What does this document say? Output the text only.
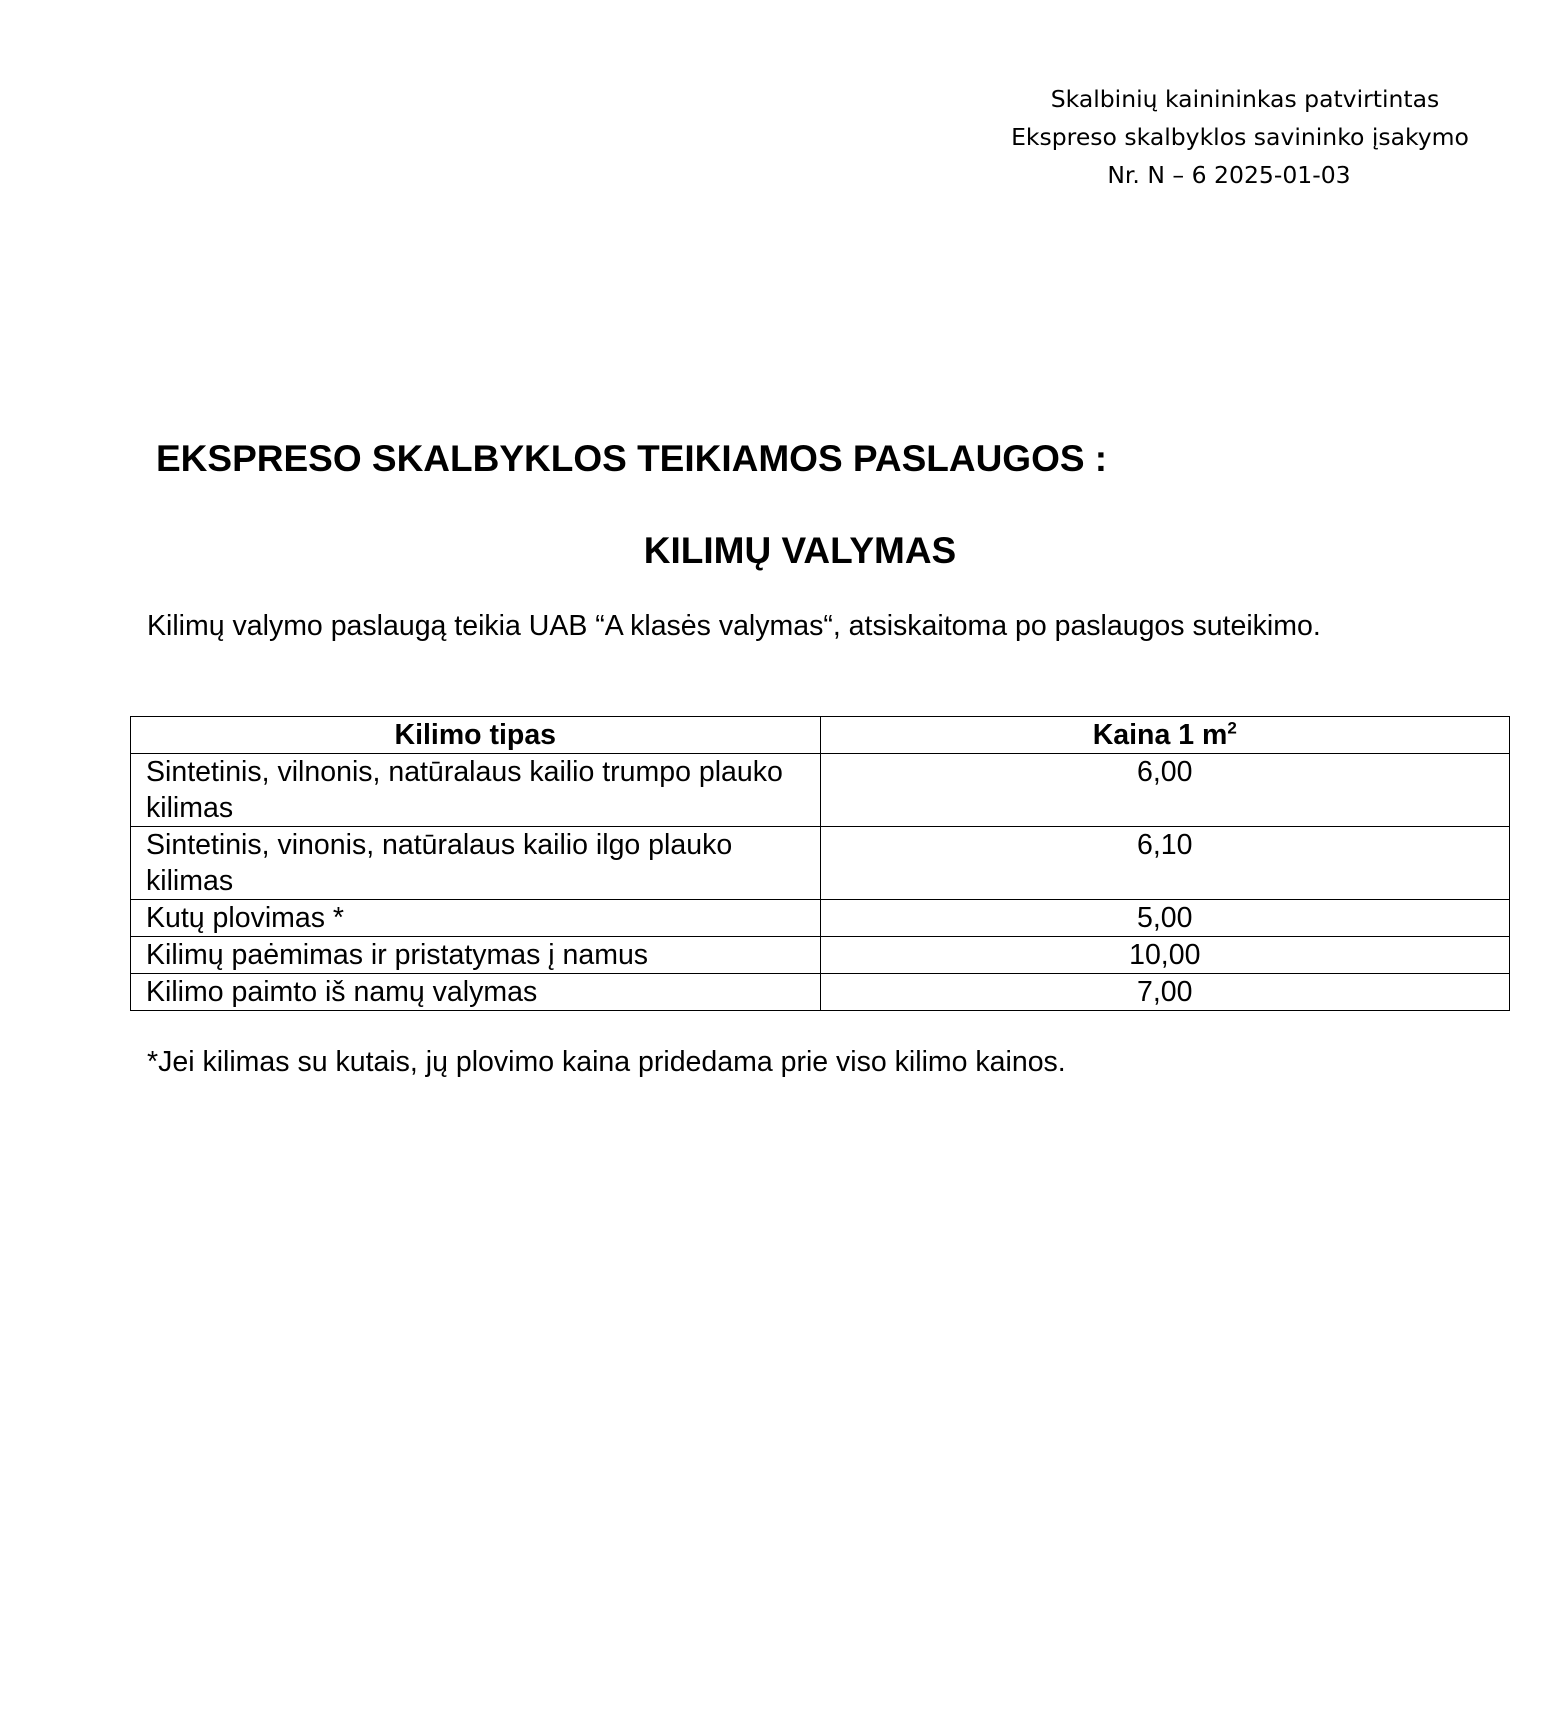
Skalbinių kainininkas patvirtintas
Ekspreso skalbyklos savininko įsakymo
Nr. N – 6 2025-01-03
EKSPRESO SKALBYKLOS TEIKIAMOS PASLAUGOS :
KILIMŲ VALYMAS

Kilimų valymo paslaugą teikia UAB “A klasės valymas“, atsiskaitoma po paslaugos suteikimo.

Kilimo tipas	Kaina 1 $m^2$
Sintetinis, vilnonis, natūralaus kailio trumpo plauko kilimas	6,00
Sintetinis, vinonis, natūralaus kailio ilgo plauko kilimas	6,10
Kutų plovimas *	5,00
Kilimų paėmimas ir pristatymas į namus	10,00
Kilimo paimto iš namų valymas	7,00

*Jei kilimas su kutais, jų plovimo kaina pridedama prie viso kilimo kainos.
